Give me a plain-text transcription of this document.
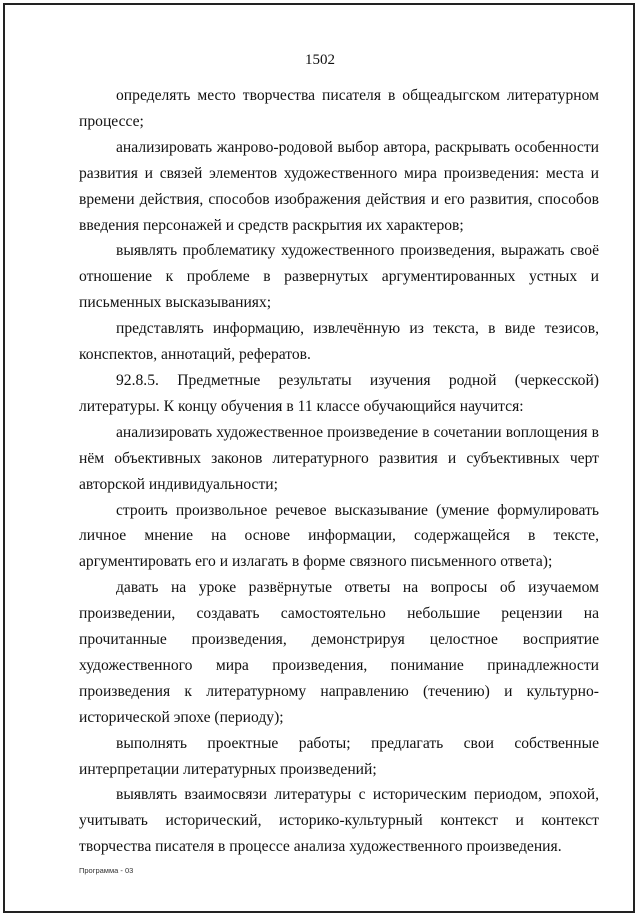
1502

определять место творчества писателя в общеадыгском литературном процессе;

анализировать жанрово-родовой выбор автора, раскрывать особенности развития и связей элементов художественного мира произведения: места и времени действия, способов изображения действия и его развития, способов введения персонажей и средств раскрытия их характеров;

выявлять проблематику художественного произведения, выражать своё отношение к проблеме в развернутых аргументированных устных и письменных высказываниях;

представлять информацию, извлечённую из текста, в виде тезисов, конспектов, аннотаций, рефератов.

92.8.5. Предметные результаты изучения родной (черкесской) литературы. К концу обучения в 11 классе обучающийся научится:

анализировать художественное произведение в сочетании воплощения в нём объективных законов литературного развития и субъективных черт авторской индивидуальности;

строить произвольное речевое высказывание (умение формулировать личное мнение на основе информации, содержащейся в тексте, аргументировать его и излагать в форме связного письменного ответа);

давать на уроке развёрнутые ответы на вопросы об изучаемом произведении, создавать самостоятельно небольшие рецензии на прочитанные произведения, демонстрируя целостное восприятие художественного мира произведения, понимание принадлежности произведения к литературному направлению (течению) и культурно-исторической эпохе (периоду);

выполнять проектные работы; предлагать свои собственные интерпретации литературных произведений;

выявлять взаимосвязи литературы с историческим периодом, эпохой, учитывать исторический, историко-культурный контекст и контекст творчества писателя в процессе анализа художественного произведения.

Программа - 03
